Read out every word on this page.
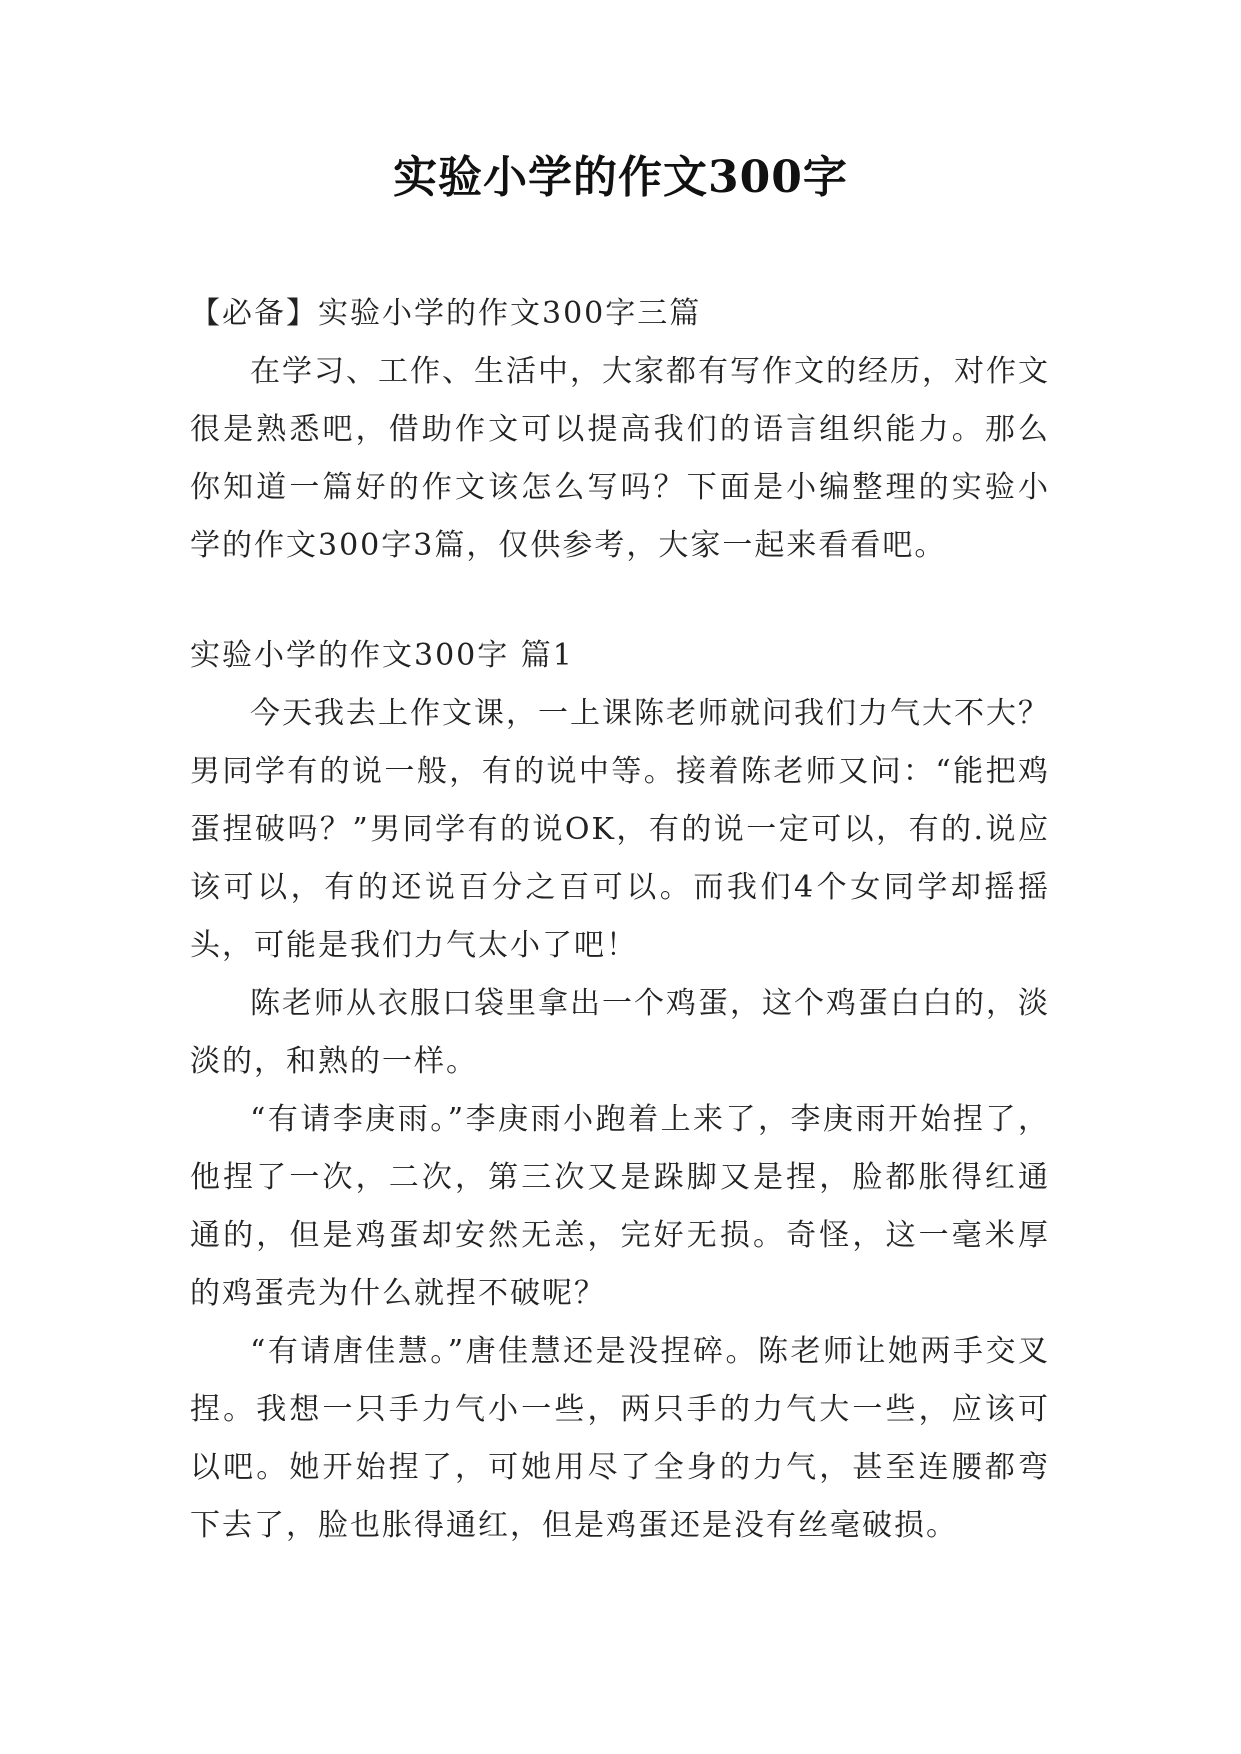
实验小学的作文300字

【必备】实验小学的作文300字三篇

在学习、工作、生活中，大家都有写作文的经历，对作文很是熟悉吧，借助作文可以提高我们的语言组织能力。那么你知道一篇好的作文该怎么写吗？下面是小编整理的实验小学的作文300字3篇，仅供参考，大家一起来看看吧。

实验小学的作文300字 篇1

今天我去上作文课，一上课陈老师就问我们力气大不大？男同学有的说一般，有的说中等。接着陈老师又问：“能把鸡蛋捏破吗？”男同学有的说OK，有的说一定可以，有的.说应该可以，有的还说百分之百可以。而我们4个女同学却摇摇头，可能是我们力气太小了吧！

陈老师从衣服口袋里拿出一个鸡蛋，这个鸡蛋白白的，淡淡的，和熟的一样。

“有请李庚雨。”李庚雨小跑着上来了，李庚雨开始捏了，他捏了一次，二次，第三次又是跺脚又是捏，脸都胀得红通通的，但是鸡蛋却安然无恙，完好无损。奇怪，这一毫米厚的鸡蛋壳为什么就捏不破呢？

“有请唐佳慧。”唐佳慧还是没捏碎。陈老师让她两手交叉捏。我想一只手力气小一些，两只手的力气大一些，应该可以吧。她开始捏了，可她用尽了全身的力气，甚至连腰都弯下去了，脸也胀得通红，但是鸡蛋还是没有丝毫破损。
